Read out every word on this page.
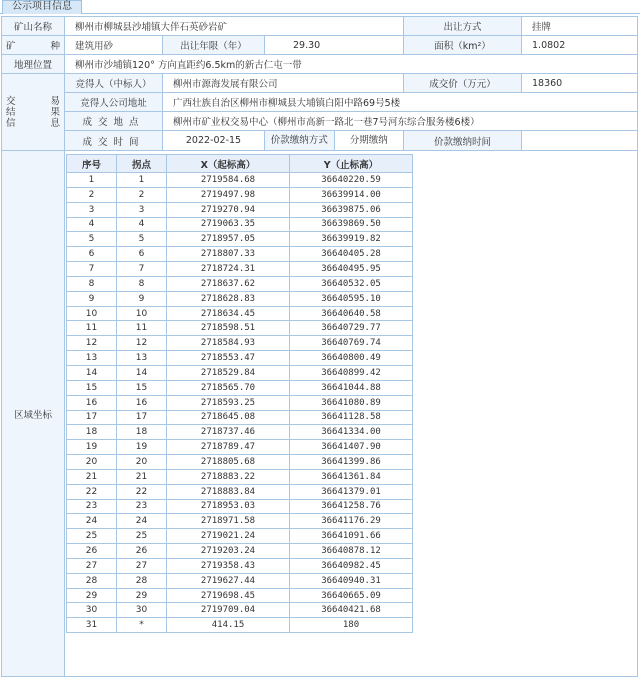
公示项目信息
矿山名称	柳州市柳城县沙埔镇大伴石英砂岩矿	出让方式	挂牌

矿	种	建筑用砂	出让年限（年）	29.30	面积（km²）	1.0802
地理位置	柳州市沙埔镇120° 方向直距约6.5km的新古仁屯一带

交	易
结	果
信	息
	竞得人（中标人）	柳州市源海发展有限公司	成交价（万元）	18360
竞得人公司地址	广西壮族自治区柳州市柳城县大埔镇白阳中路69号5楼
成交地点	柳州市矿业权交易中心（柳州市高新一路北一巷7号河东综合服务楼6楼）
成交时间	2022-02-15	价款缴纳方式	分期缴纳	价款缴纳时间	
区域坐标	
序号	拐点	X（起标高）	Y（止标高）
1	1	2719584.68	36640220.59
2	2	2719497.98	36639914.00
3	3	2719270.94	36639875.06
4	4	2719063.35	36639869.50
5	5	2718957.05	36639919.82
6	6	2718807.33	36640405.28
7	7	2718724.31	36640495.95
8	8	2718637.62	36640532.05
9	9	2718628.83	36640595.10
10	10	2718634.45	36640640.58
11	11	2718598.51	36640729.77
12	12	2718584.93	36640769.74
13	13	2718553.47	36640800.49
14	14	2718529.84	36640899.42
15	15	2718565.70	36641044.88
16	16	2718593.25	36641080.89
17	17	2718645.08	36641128.58
18	18	2718737.46	36641334.00
19	19	2718789.47	36641407.90
20	20	2718805.68	36641399.86
21	21	2718883.22	36641361.84
22	22	2718883.84	36641379.01
23	23	2718953.03	36641258.76
24	24	2718971.58	36641176.29
25	25	2719021.24	36641091.66
26	26	2719203.24	36640878.12
27	27	2719358.43	36640982.45
28	28	2719627.44	36640940.31
29	29	2719698.45	36640665.09
30	30	2719709.04	36640421.68
31	*	414.15	180
